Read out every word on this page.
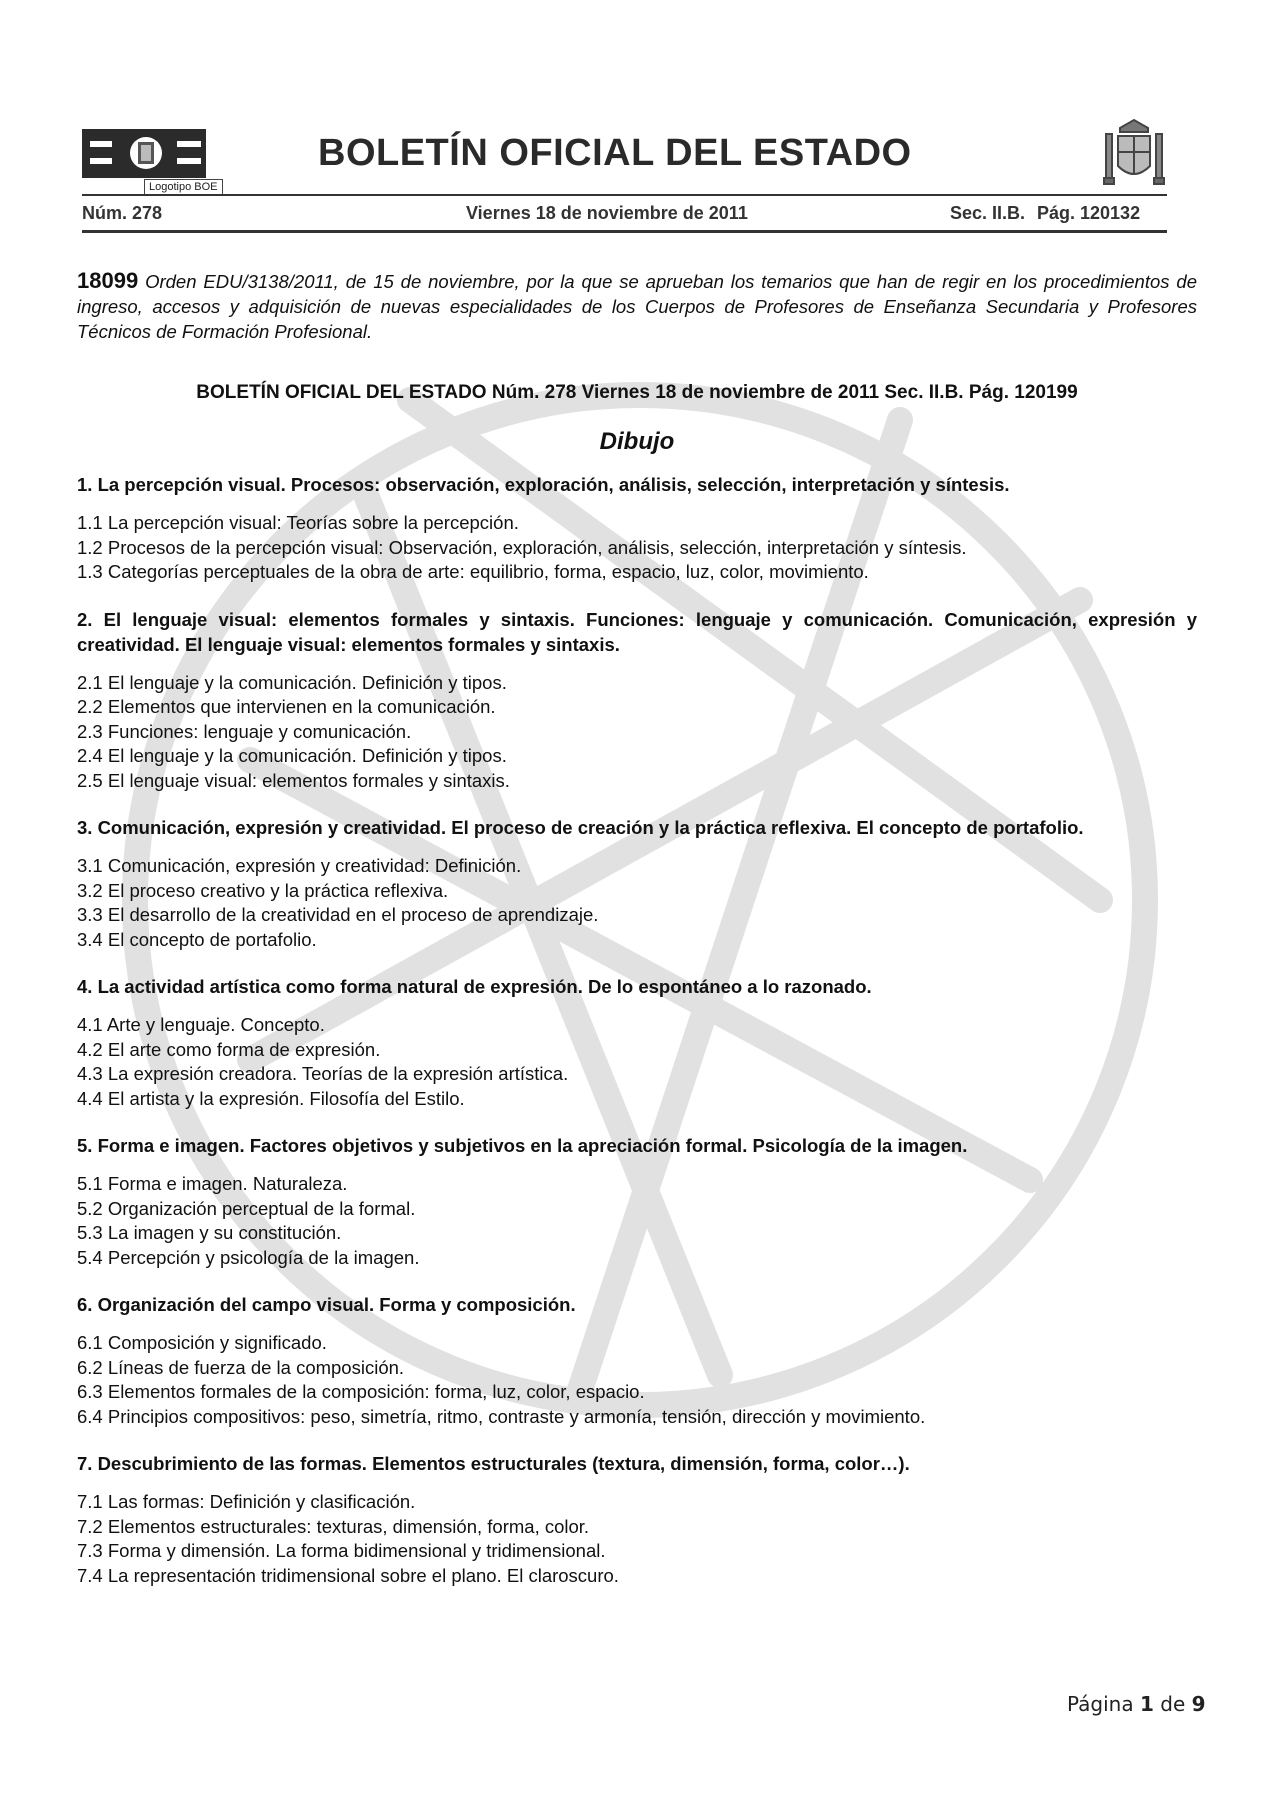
Logotipo BOE
BOLETÍN OFICIAL DEL ESTADO
Núm. 278	Viernes 18 de noviembre de 2011	Sec. II.B. Pág. 120132

18099 Orden EDU/3138/2011, de 15 de noviembre, por la que se aprueban los temarios que han de regir en los procedimientos de ingreso, accesos y adquisición de nuevas especialidades de los Cuerpos de Profesores de Enseñanza Secundaria y Profesores Técnicos de Formación Profesional.

BOLETÍN OFICIAL DEL ESTADO Núm. 278 Viernes 18 de noviembre de 2011 Sec. II.B. Pág. 120199

Dibujo

1. La percepción visual. Procesos: observación, exploración, análisis, selección, interpretación y síntesis.

1.1 La percepción visual: Teorías sobre la percepción.

1.2 Procesos de la percepción visual: Observación, exploración, análisis, selección, interpretación y síntesis.

1.3 Categorías perceptuales de la obra de arte: equilibrio, forma, espacio, luz, color, movimiento.

2. El lenguaje visual: elementos formales y sintaxis. Funciones: lenguaje y comunicación. Comunicación, expresión y creatividad. El lenguaje visual: elementos formales y sintaxis.

2.1 El lenguaje y la comunicación. Definición y tipos.

2.2 Elementos que intervienen en la comunicación.

2.3 Funciones: lenguaje y comunicación.

2.4 El lenguaje y la comunicación. Definición y tipos.

2.5 El lenguaje visual: elementos formales y sintaxis.

3. Comunicación, expresión y creatividad. El proceso de creación y la práctica reflexiva. El concepto de portafolio.

3.1 Comunicación, expresión y creatividad: Definición.

3.2 El proceso creativo y la práctica reflexiva.

3.3 El desarrollo de la creatividad en el proceso de aprendizaje.

3.4 El concepto de portafolio.

4. La actividad artística como forma natural de expresión. De lo espontáneo a lo razonado.

4.1 Arte y lenguaje. Concepto.

4.2 El arte como forma de expresión.

4.3 La expresión creadora. Teorías de la expresión artística.

4.4 El artista y la expresión. Filosofía del Estilo.

5. Forma e imagen. Factores objetivos y subjetivos en la apreciación formal. Psicología de la imagen.

5.1 Forma e imagen. Naturaleza.

5.2 Organización perceptual de la formal.

5.3 La imagen y su constitución.

5.4 Percepción y psicología de la imagen.

6. Organización del campo visual. Forma y composición.

6.1 Composición y significado.

6.2 Líneas de fuerza de la composición.

6.3 Elementos formales de la composición: forma, luz, color, espacio.

6.4 Principios compositivos: peso, simetría, ritmo, contraste y armonía, tensión, dirección y movimiento.

7. Descubrimiento de las formas. Elementos estructurales (textura, dimensión, forma, color…).

7.1 Las formas: Definición y clasificación.

7.2 Elementos estructurales: texturas, dimensión, forma, color.

7.3 Forma y dimensión. La forma bidimensional y tridimensional.

7.4 La representación tridimensional sobre el plano. El claroscuro.

Página 1 de 9
